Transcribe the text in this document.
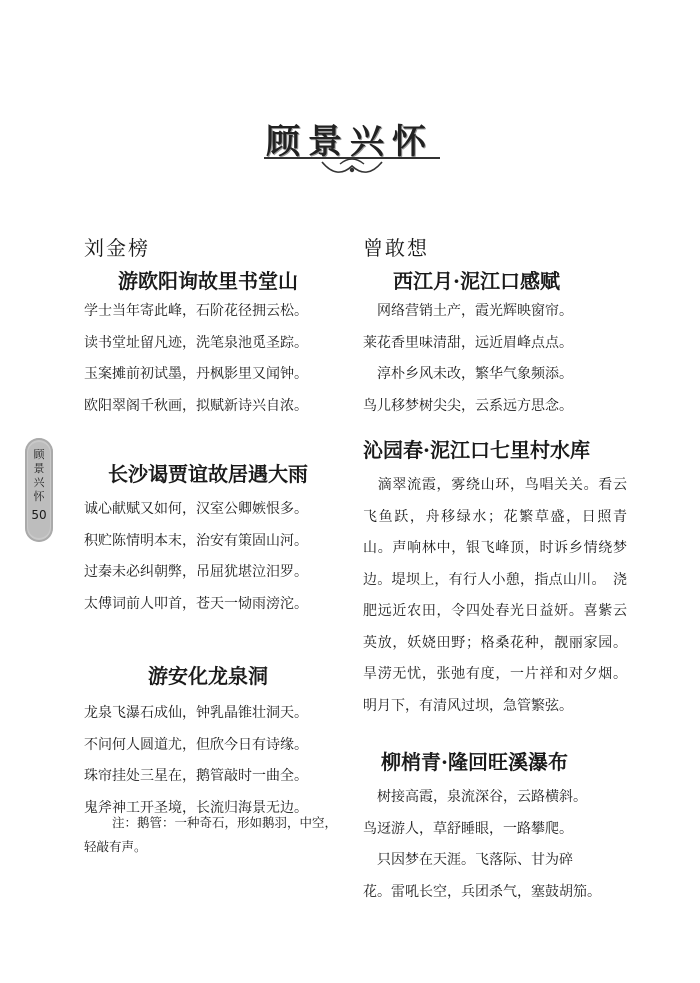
顾景兴怀
顾
景
兴
怀
50
刘金榜
游欧阳询故里书堂山
学士当年寄此峰，石阶花径拥云松。
读书堂址留凡迹，洗笔泉池觅圣踪。
玉案摊前初试墨，丹枫影里又闻钟。
欧阳翠阁千秋画，拟赋新诗兴自浓。
长沙谒贾谊故居遇大雨
诚心献赋又如何，汉室公卿嫉恨多。
积贮陈情明本末，治安有策固山河。
过秦未必纠朝弊，吊屈犹堪泣汨罗。
太傅词前人叩首，苍天一恸雨滂沱。
游安化龙泉洞
龙泉飞瀑石成仙，钟乳晶锥壮洞天。
不问何人圆道尤，但欣今日有诗缘。
珠帘挂处三星在，鹅管敲时一曲全。
鬼斧神工开圣境，长流归海景无边。
注：鹅管：一种奇石，形如鹅羽，中空，
轻敲有声。
曾敢想
西江月·泥江口感赋
　网络营销土产，霞光辉映窗帘。
莱花香里味清甜，远近眉峰点点。
　淳朴乡风未改，繁华气象频添。
鸟儿移梦树尖尖，云系远方思念。
沁园春·泥江口七里村水库
　滴翠流霞，雾绕山环，鸟唱关关。看云飞鱼跃，舟移绿水；花繁草盛，日照青山。声响林中，银飞峰顶，时诉乡情绕梦边。堤坝上，有行人小憩，指点山川。　浇肥远近农田，令四处春光日益妍。喜紫云英放，妖娆田野；格桑花种，靓丽家园。旱涝无忧，张弛有度，一片祥和对夕烟。明月下，有清风过坝，急管繁弦。
柳梢青·隆回旺溪瀑布
　树接高霞，泉流深谷，云路横斜。
鸟迓游人，草舒睡眼，一路攀爬。
　只因梦在天涯。飞落际、甘为碎
花。雷吼长空，兵团杀气，塞鼓胡笳。
